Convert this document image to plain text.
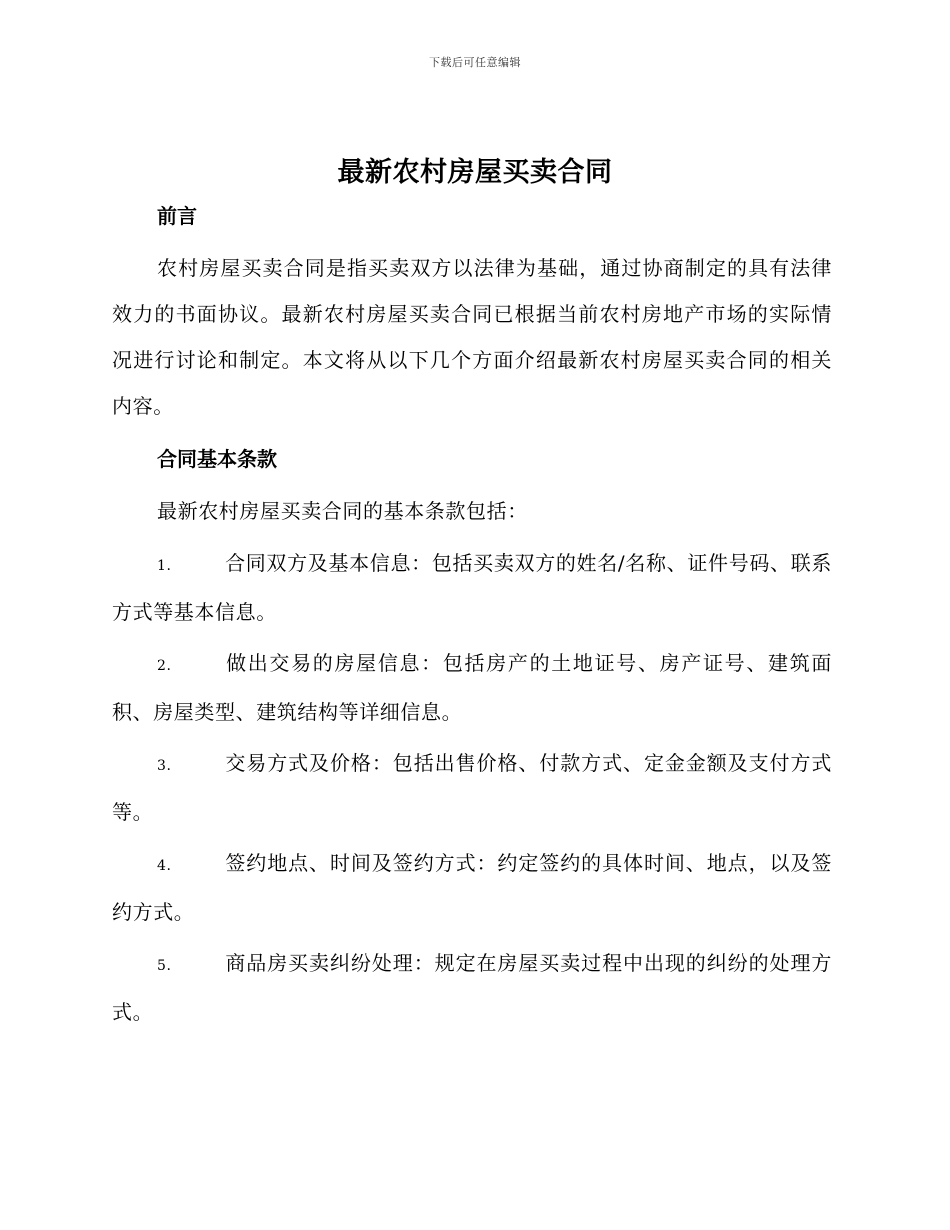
下载后可任意编辑
最新农村房屋买卖合同
前言

农村房屋买卖合同是指买卖双方以法律为基础，通过协商制定的具有法律效力的书面协议。最新农村房屋买卖合同已根据当前农村房地产市场的实际情况进行讨论和制定。本文将从以下几个方面介绍最新农村房屋买卖合同的相关内容。

合同基本条款

最新农村房屋买卖合同的基本条款包括：

1.	合同双方及基本信息：包括买卖双方的姓名/名称、证件号码、联系方式等基本信息。
2.	做出交易的房屋信息：包括房产的土地证号、房产证号、建筑面积、房屋类型、建筑结构等详细信息。
3.	交易方式及价格：包括出售价格、付款方式、定金金额及支付方式等。
4.	签约地点、时间及签约方式：约定签约的具体时间、地点，以及签约方式。
5.	商品房买卖纠纷处理：规定在房屋买卖过程中出现的纠纷的处理方式。
